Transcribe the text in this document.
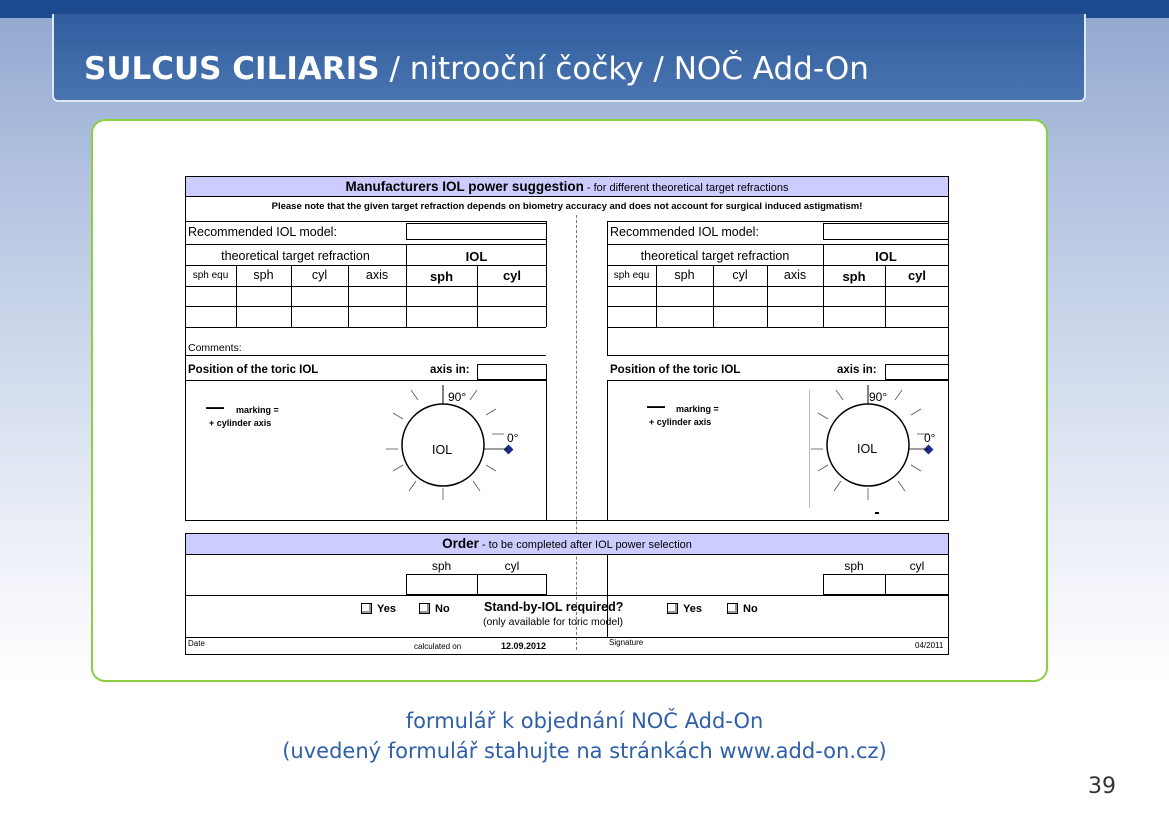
SULCUS CILIARIS / nitrooční čočky / NOČ Add-On
Manufacturers IOL power suggestion - for different theoretical target refractions
Please note that the given target refraction depends on biometry accuracy and does not account for surgical induced astigmatism!
Recommended IOL model:
theoretical target refraction	IOL
sph equ	sph	cyl	axis	sph	cyl
Comments:
Position of the toric IOL	axis in:
— marking =
+ cylinder axis
90°
0°
IOL
Recommended IOL model:
theoretical target refraction	IOL
sph equ	sph	cyl	axis	sph	cyl
Position of the toric IOL	axis in:
— marking =
+ cylinder axis
90°
0°
IOL
Order - to be completed after IOL power selection
sph	cyl	sph	cyl
Yes	No	Stand-by-IOL required?
(only available for toric model)
Yes	No
Date	calculated on	12.09.2012	Signature	04/2011
formulář k objednání NOČ Add-On
(uvedený formulář stahujte na stránkách www.add-on.cz)
39
